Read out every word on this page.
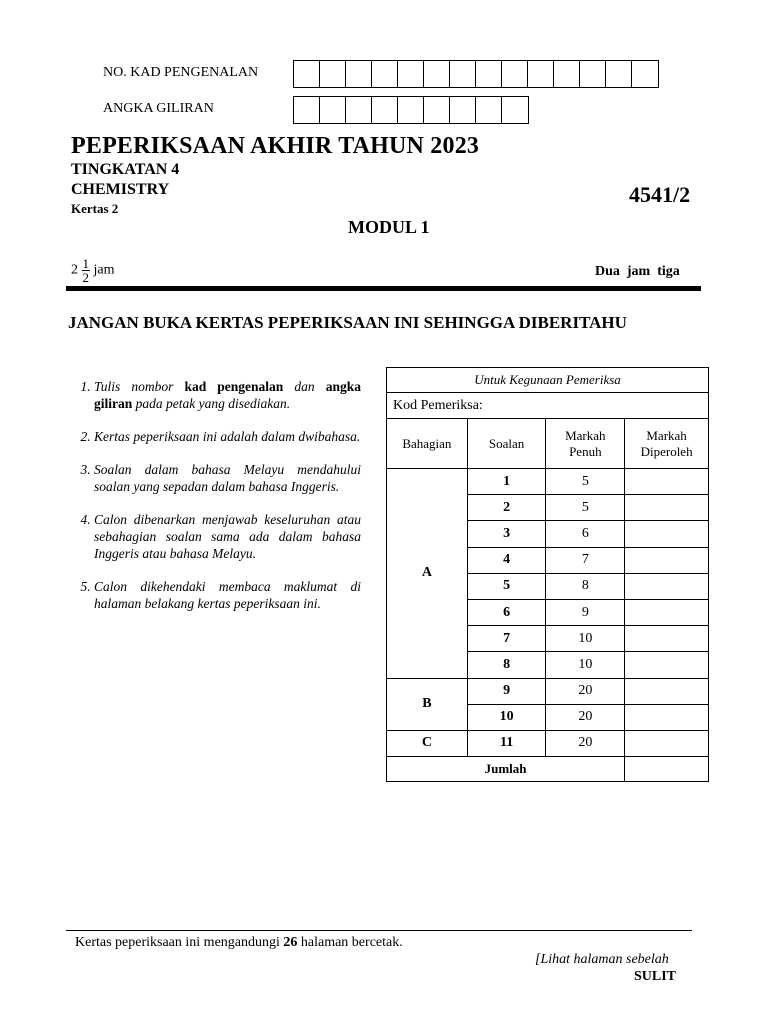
NO. KAD PENGENALAN
ANGKA GILIRAN
PEPERIKSAAN AKHIR TAHUN 2023
TINGKATAN 4
CHEMISTRY
Kertas 2
4541/2
MODUL 1
$2 \frac{1}{2}$ jam	Dua  jam  tiga
JANGAN BUKA KERTAS PEPERIKSAAN INI SEHINGGA DIBERITAHU
1. Tulis nombor kad pengenalan dan angka giliran pada petak yang disediakan.
2. Kertas peperiksaan ini adalah dalam dwibahasa.
3. Soalan dalam bahasa Melayu mendahului soalan yang sepadan dalam bahasa Inggeris.
4. Calon dibenarkan menjawab keseluruhan atau sebahagian soalan sama ada dalam bahasa Inggeris atau bahasa Melayu.
5. Calon dikehendaki membaca maklumat di halaman belakang kertas peperiksaan ini.
Untuk Kegunaan Pemeriksa			
Kod Pemeriksa:			
Bahagian	Soalan	Markah Penuh	Markah Diperoleh
A	1	5	
	2	5	
	3	6	
	4	7	
	5	8	
	6	9	
	7	10	
	8	10	
B	9	20	
	10	20	
C	11	20	
Jumlah			
Kertas peperiksaan ini mengandungi 26 halaman bercetak.
[Lihat halaman sebelah
SULIT
